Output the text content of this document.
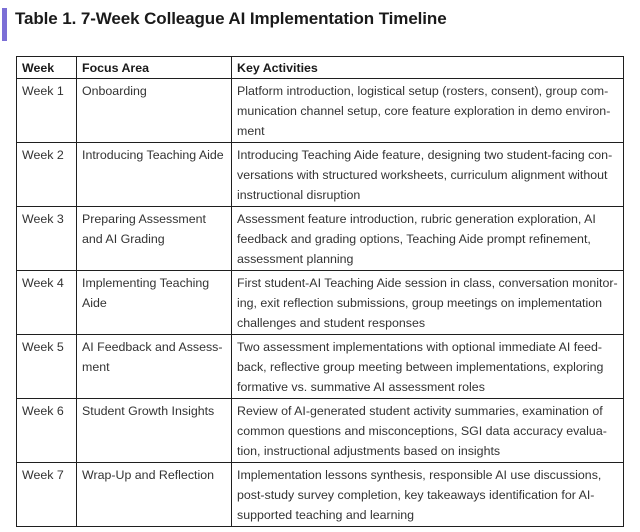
Table 1. 7-Week Colleague AI Implementation Timeline
Week	Focus Area	Key Activities
Week 1	Onboarding	Platform introduction, logistical setup (rosters, consent), group communication channel setup, core feature exploration in demo environment
Week 2	Introducing Teaching Aide	Introducing Teaching Aide feature, designing two student-facing conversations with structured worksheets, curriculum alignment without instructional disruption
Week 3	Preparing Assessment and AI Grading	Assessment feature introduction, rubric generation exploration, AI feedback and grading options, Teaching Aide prompt refinement, assessment planning
Week 4	Implementing Teaching Aide	First student-AI Teaching Aide session in class, conversation monitoring, exit reflection submissions, group meetings on implementation challenges and student responses
Week 5	AI Feedback and Assessment	Two assessment implementations with optional immediate AI feedback, reflective group meeting between implementations, exploring formative vs. summative AI assessment roles
Week 6	Student Growth Insights	Review of AI-generated student activity summaries, examination of common questions and misconceptions, SGI data accuracy evaluation, instructional adjustments based on insights
Week 7	Wrap-Up and Reflection	Implementation lessons synthesis, responsible AI use discussions, post-study survey completion, key takeaways identification for AI-supported teaching and learning
